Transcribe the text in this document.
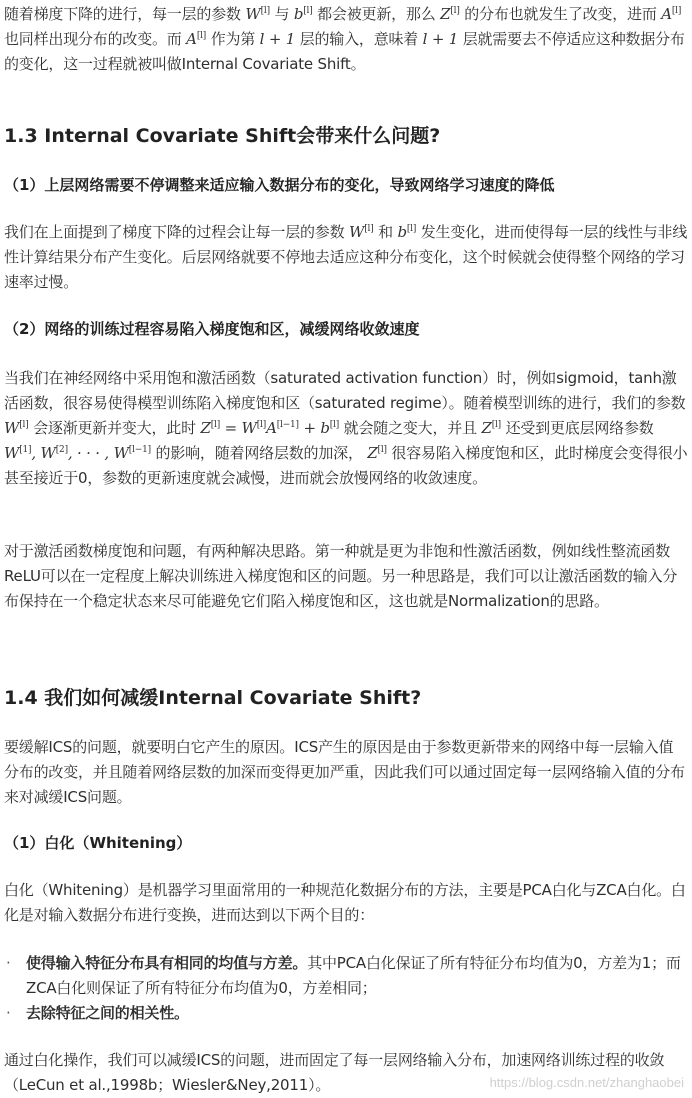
随着梯度下降的进行，每一层的参数 W[l] 与 b[l] 都会被更新，那么 Z[l] 的分布也就发生了改变，进而 A[l] 也同样出现分布的改变。而 A[l] 作为第 l + 1 层的输入，意味着 l + 1 层就需要去不停适应这种数据分布的变化，这一过程就被叫做Internal Covariate Shift。

1.3 Internal Covariate Shift会带来什么问题?
（1）上层网络需要不停调整来适应输入数据分布的变化，导致网络学习速度的降低

我们在上面提到了梯度下降的过程会让每一层的参数 W[l] 和 b[l] 发生变化，进而使得每一层的线性与非线性计算结果分布产生变化。后层网络就要不停地去适应这种分布变化，这个时候就会使得整个网络的学习速率过慢。

（2）网络的训练过程容易陷入梯度饱和区，减缓网络收敛速度

当我们在神经网络中采用饱和激活函数（saturated activation function）时，例如sigmoid，tanh激活函数，很容易使得模型训练陷入梯度饱和区（saturated regime）。随着模型训练的进行，我们的参数 W[l] 会逐渐更新并变大，此时 Z[l] = W[l]A[l−1] + b[l] 就会随之变大，并且 Z[l] 还受到更底层网络参数 W[1], W[2], · · · , W[l−1] 的影响，随着网络层数的加深， Z[l] 很容易陷入梯度饱和区，此时梯度会变得很小甚至接近于0，参数的更新速度就会减慢，进而就会放慢网络的收敛速度。

对于激活函数梯度饱和问题，有两种解决思路。第一种就是更为非饱和性激活函数，例如线性整流函数ReLU可以在一定程度上解决训练进入梯度饱和区的问题。另一种思路是，我们可以让激活函数的输入分布保持在一个稳定状态来尽可能避免它们陷入梯度饱和区，这也就是Normalization的思路。

1.4 我们如何减缓Internal Covariate Shift?

要缓解ICS的问题，就要明白它产生的原因。ICS产生的原因是由于参数更新带来的网络中每一层输入值分布的改变，并且随着网络层数的加深而变得更加严重，因此我们可以通过固定每一层网络输入值的分布来对减缓ICS问题。

（1）白化（Whitening）

白化（Whitening）是机器学习里面常用的一种规范化数据分布的方法，主要是PCA白化与ZCA白化。白化是对输入数据分布进行变换，进而达到以下两个目的：

· 使得输入特征分布具有相同的均值与方差。其中PCA白化保证了所有特征分布均值为0，方差为1；而ZCA白化则保证了所有特征分布均值为0，方差相同；
· 去除特征之间的相关性。

通过白化操作，我们可以减缓ICS的问题，进而固定了每一层网络输入分布，加速网络训练过程的收敛（LeCun et al.,1998b；Wiesler&Ney,2011）。	https://blog.csdn.net/zhanghaobei
